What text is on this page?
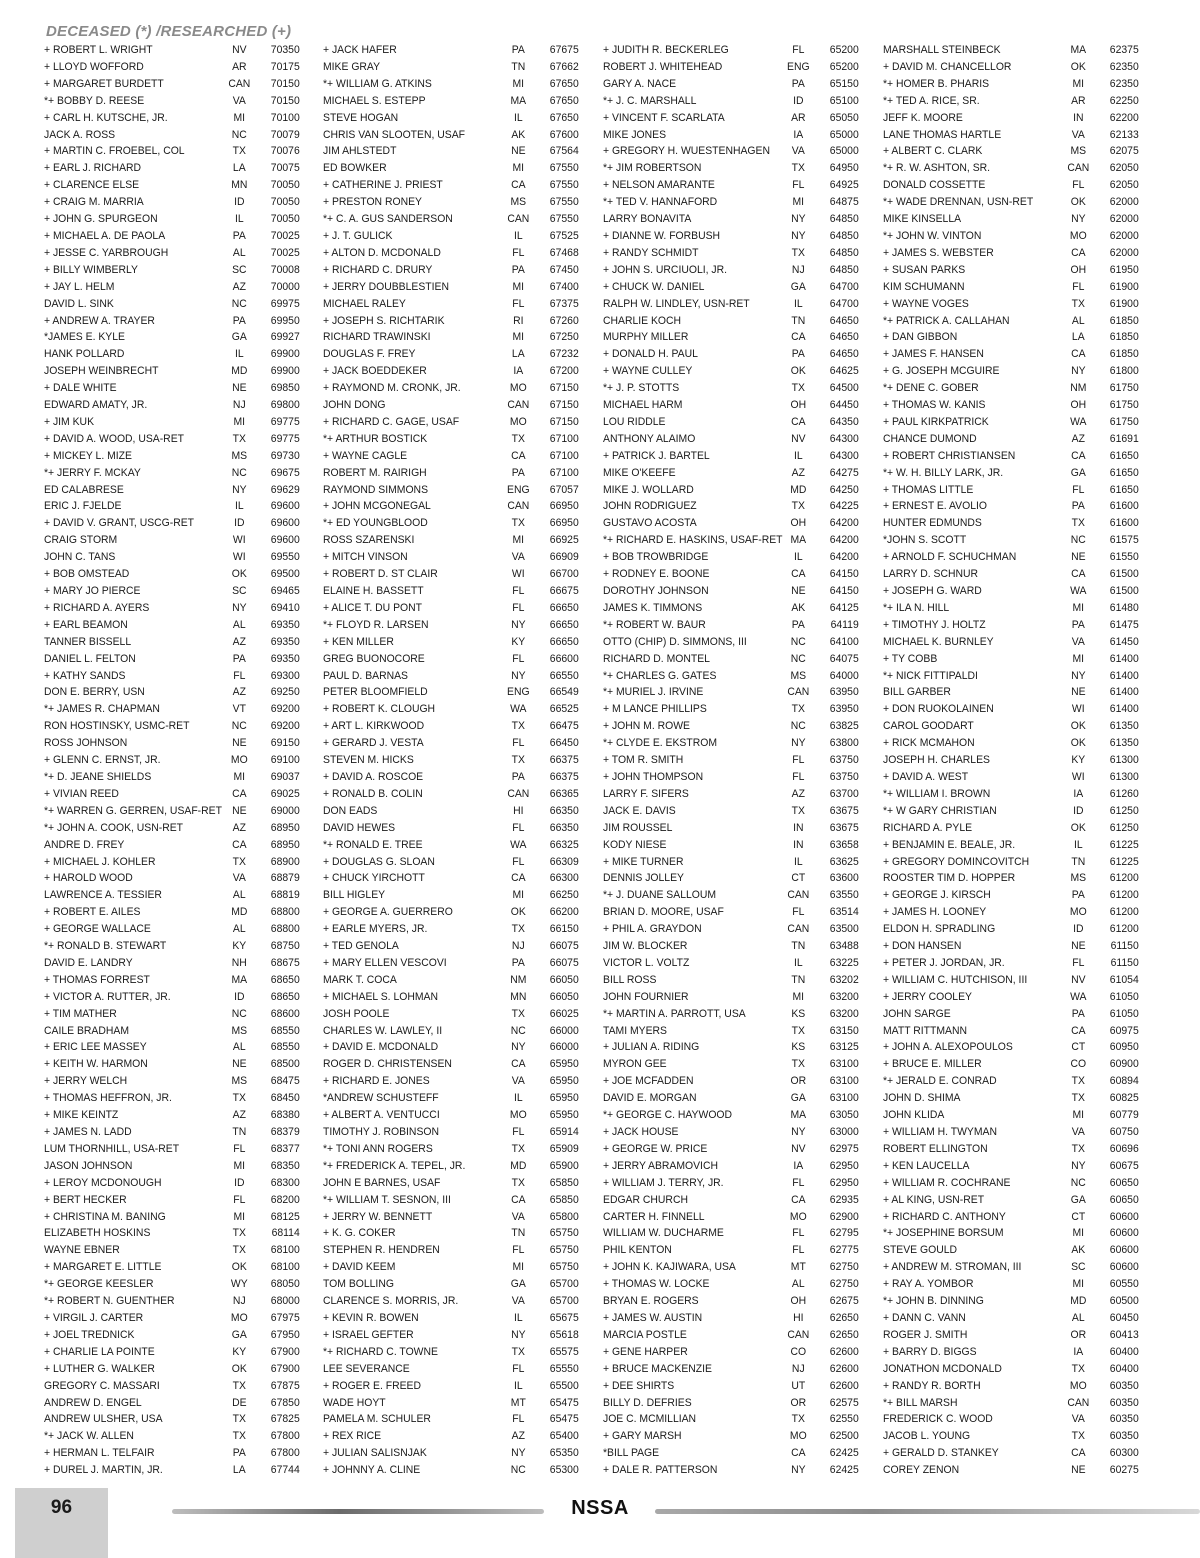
DECEASED (*) /RESEARCHED (+)
+ ROBERT L. WRIGHT	NV	70350
+ LLOYD WOFFORD	AR	70175
+ MARGARET BURDETT	CAN	70150
*+ BOBBY D. REESE	VA	70150
+ CARL H. KUTSCHE, JR.	MI	70100
JACK A. ROSS	NC	70079
+ MARTIN C. FROEBEL, COL	TX	70076
+ EARL J. RICHARD	LA	70075
+ CLARENCE ELSE	MN	70050
+ CRAIG M. MARRIA	ID	70050
+ JOHN G. SPURGEON	IL	70050
+ MICHAEL A. DE PAOLA	PA	70025
+ JESSE C. YARBROUGH	AL	70025
+ BILLY WIMBERLY	SC	70008
+ JAY L. HELM	AZ	70000
DAVID L. SINK	NC	69975
+ ANDREW A. TRAYER	PA	69950
*JAMES E. KYLE	GA	69927
HANK POLLARD	IL	69900
JOSEPH WEINBRECHT	MD	69900
+ DALE WHITE	NE	69850
EDWARD AMATY, JR.	NJ	69800
+ JIM KUK	MI	69775
+ DAVID A. WOOD, USA-RET	TX	69775
+ MICKEY L. MIZE	MS	69730
*+ JERRY F. MCKAY	NC	69675
ED CALABRESE	NY	69629
ERIC J. FJELDE	IL	69600
+ DAVID V. GRANT, USCG-RET	ID	69600
CRAIG STORM	WI	69600
JOHN C. TANS	WI	69550
+ BOB OMSTEAD	OK	69500
+ MARY JO PIERCE	SC	69465
+ RICHARD A. AYERS	NY	69410
+ EARL BEAMON	AL	69350
TANNER BISSELL	AZ	69350
DANIEL L. FELTON	PA	69350
+ KATHY SANDS	FL	69300
DON E. BERRY, USN	AZ	69250
*+ JAMES R. CHAPMAN	VT	69200
RON HOSTINSKY, USMC-RET	NC	69200
ROSS JOHNSON	NE	69150
+ GLENN C. ERNST, JR.	MO	69100
*+ D. JEANE SHIELDS	MI	69037
+ VIVIAN REED	CA	69025
*+ WARREN G. GERREN, USAF-RET NE	69000
*+ JOHN A. COOK, USN-RET	AZ	68950
ANDRE D. FREY	CA	68950
+ MICHAEL J. KOHLER	TX	68900
+ HAROLD WOOD	VA	68879
LAWRENCE A. TESSIER	AL	68819
+ ROBERT E. AILES	MD	68800
+ GEORGE WALLACE	AL	68800
*+ RONALD B. STEWART	KY	68750
DAVID E. LANDRY	NH	68675
+ THOMAS FORREST	MA	68650
+ VICTOR A. RUTTER, JR.	ID	68650
+ TIM MATHER	NC	68600
CAILE BRADHAM	MS	68550
+ ERIC LEE MASSEY	AL	68550
+ KEITH W. HARMON	NE	68500
+ JERRY WELCH	MS	68475
+ THOMAS HEFFRON, JR.	TX	68450
+ MIKE KEINTZ	AZ	68380
+ JAMES N. LADD	TN	68379
LUM THORNHILL, USA-RET	FL	68377
JASON JOHNSON	MI	68350
+ LEROY MCDONOUGH	ID	68300
+ BERT HECKER	FL	68200
+ CHRISTINA M. BANING	MI	68125
ELIZABETH HOSKINS	TX	68114
WAYNE EBNER	TX	68100
+ MARGARET E. LITTLE	OK	68100
*+ GEORGE KEESLER	WY	68050
*+ ROBERT N. GUENTHER	NJ	68000
+ VIRGIL J. CARTER	MO	67975
+ JOEL TREDNICK	GA	67950
+ CHARLIE LA POINTE	KY	67900
+ LUTHER G. WALKER	OK	67900
GREGORY C. MASSARI	TX	67875
ANDREW D. ENGEL	DE	67850
ANDREW ULSHER, USA	TX	67825
*+ JACK W. ALLEN	TX	67800
+ HERMAN L. TELFAIR	PA	67800
+ DUREL J. MARTIN, JR.	LA	67744
+ JACK HAFER	PA	67675
MIKE GRAY	TN	67662
*+ WILLIAM G. ATKINS	MI	67650
MICHAEL S. ESTEPP	MA	67650
STEVE HOGAN	IL	67650
CHRIS VAN SLOOTEN, USAF	AK	67600
JIM AHLSTEDT	NE	67564
ED BOWKER	MI	67550
+ CATHERINE J. PRIEST	CA	67550
+ PRESTON RONEY	MS	67550
*+ C. A. GUS SANDERSON	CAN	67550
+ J. T. GULICK	IL	67525
+ ALTON D. MCDONALD	FL	67468
+ RICHARD C. DRURY	PA	67450
+ JERRY DOUBBLESTIEN	MI	67400
MICHAEL RALEY	FL	67375
+ JOSEPH S. RICHTARIK	RI	67260
RICHARD TRAWINSKI	MI	67250
DOUGLAS F. FREY	LA	67232
+ JACK BOEDDEKER	IA	67200
+ RAYMOND M. CRONK, JR.	MO	67150
JOHN DONG	CAN	67150
+ RICHARD C. GAGE, USAF	MO	67150
*+ ARTHUR BOSTICK	TX	67100
+ WAYNE CAGLE	CA	67100
ROBERT M. RAIRIGH	PA	67100
RAYMOND SIMMONS	ENG	67057
+ JOHN MCGONEGAL	CAN	66950
*+ ED YOUNGBLOOD	TX	66950
ROSS SZARENSKI	MI	66925
+ MITCH VINSON	VA	66909
+ ROBERT D. ST CLAIR	WI	66700
ELAINE H. BASSETT	FL	66675
+ ALICE T. DU PONT	FL	66650
*+ FLOYD R. LARSEN	NY	66650
+ KEN MILLER	KY	66650
GREG BUONOCORE	FL	66600
PAUL D. BARNAS	NY	66550
PETER BLOOMFIELD	ENG	66549
+ ROBERT K. CLOUGH	WA	66525
+ ART L. KIRKWOOD	TX	66475
+ GERARD J. VESTA	FL	66450
STEVEN M. HICKS	TX	66375
+ DAVID A. ROSCOE	PA	66375
+ RONALD B. COLIN	CAN	66365
DON EADS	HI	66350
DAVID HEWES	FL	66350
*+ RONALD E. TREE	WA	66325
+ DOUGLAS G. SLOAN	FL	66309
+ CHUCK YIRCHOTT	CA	66300
BILL HIGLEY	MI	66250
+ GEORGE A. GUERRERO	OK	66200
+ EARLE MYERS, JR.	TX	66150
+ TED GENOLA	NJ	66075
+ MARY ELLEN VESCOVI	PA	66075
MARK T. COCA	NM	66050
+ MICHAEL S. LOHMAN	MN	66050
JOSH POOLE	TX	66025
CHARLES W. LAWLEY, II	NC	66000
+ DAVID E. MCDONALD	NY	66000
ROGER D. CHRISTENSEN	CA	65950
+ RICHARD E. JONES	VA	65950
*ANDREW SCHUSTEFF	IL	65950
+ ALBERT A. VENTUCCI	MO	65950
TIMOTHY J. ROBINSON	FL	65914
*+ TONI ANN ROGERS	TX	65909
*+ FREDERICK A. TEPEL, JR.	MD	65900
JOHN E BARNES, USAF	TX	65850
*+ WILLIAM T. SESNON, III	CA	65850
+ JERRY W. BENNETT	VA	65800
+ K. G. COKER	TN	65750
STEPHEN R. HENDREN	FL	65750
+ DAVID KEEM	MI	65750
TOM BOLLING	GA	65700
CLARENCE S. MORRIS, JR.	VA	65700
+ KEVIN R. BOWEN	IL	65675
+ ISRAEL GEFTER	NY	65618
*+ RICHARD C. TOWNE	TX	65575
LEE SEVERANCE	FL	65550
+ ROGER E. FREED	IL	65500
WADE HOYT	MT	65475
PAMELA M. SCHULER	FL	65475
+ REX RICE	AZ	65400
+ JULIAN SALISNJAK	NY	65350
+ JOHNNY A. CLINE	NC	65300
+ JUDITH R. BECKERLEG	FL	65200
ROBERT J. WHITEHEAD	ENG	65200
GARY A. NACE	PA	65150
*+ J. C. MARSHALL	ID	65100
+ VINCENT F. SCARLATA	AR	65050
MIKE JONES	IA	65000
+ GREGORY H. WUESTENHAGEN	VA	65000
*+ JIM ROBERTSON	TX	64950
+ NELSON AMARANTE	FL	64925
*+ TED V. HANNAFORD	MI	64875
LARRY BONAVITA	NY	64850
+ DIANNE W. FORBUSH	NY	64850
+ RANDY SCHMIDT	TX	64850
+ JOHN S. URCIUOLI, JR.	NJ	64850
+ CHUCK W. DANIEL	GA	64700
RALPH W. LINDLEY, USN-RET	IL	64700
CHARLIE KOCH	TN	64650
MURPHY MILLER	CA	64650
+ DONALD H. PAUL	PA	64650
+ WAYNE CULLEY	OK	64625
*+ J. P. STOTTS	TX	64500
MICHAEL HARM	OH	64450
LOU RIDDLE	CA	64350
ANTHONY ALAIMO	NV	64300
+ PATRICK J. BARTEL	IL	64300
MIKE O'KEEFE	AZ	64275
MIKE J. WOLLARD	MD	64250
JOHN RODRIGUEZ	TX	64225
GUSTAVO ACOSTA	OH	64200
*+ RICHARD E. HASKINS, USAF-RET MA	64200
+ BOB TROWBRIDGE	IL	64200
+ RODNEY E. BOONE	CA	64150
DOROTHY JOHNSON	NE	64150
JAMES K. TIMMONS	AK	64125
*+ ROBERT W. BAUR	PA	64119
OTTO (CHIP) D. SIMMONS, III	NC	64100
RICHARD D. MONTEL	NC	64075
*+ CHARLES G. GATES	MS	64000
*+ MURIEL J. IRVINE	CAN	63950
+ M LANCE PHILLIPS	TX	63950
+ JOHN M. ROWE	NC	63825
*+ CLYDE E. EKSTROM	NY	63800
+ TOM R. SMITH	FL	63750
+ JOHN THOMPSON	FL	63750
LARRY F. SIFERS	AZ	63700
JACK E. DAVIS	TX	63675
JIM ROUSSEL	IN	63675
KODY NIESE	IN	63658
+ MIKE TURNER	IL	63625
DENNIS JOLLEY	CT	63600
*+ J. DUANE SALLOUM	CAN	63550
BRIAN D. MOORE, USAF	FL	63514
+ PHIL A. GRAYDON	CAN	63500
JIM W. BLOCKER	TN	63488
VICTOR L. VOLTZ	IL	63225
BILL ROSS	TN	63202
JOHN FOURNIER	MI	63200
*+ MARTIN A. PARROTT, USA	KS	63200
TAMI MYERS	TX	63150
+ JULIAN A. RIDING	KS	63125
MYRON GEE	TX	63100
+ JOE MCFADDEN	OR	63100
DAVID E. MORGAN	GA	63100
*+ GEORGE C. HAYWOOD	MA	63050
+ JACK HOUSE	NY	63000
+ GEORGE W. PRICE	NV	62975
+ JERRY ABRAMOVICH	IA	62950
+ WILLIAM J. TERRY, JR.	FL	62950
EDGAR CHURCH	CA	62935
CARTER H. FINNELL	MO	62900
WILLIAM W. DUCHARME	FL	62795
PHIL KENTON	FL	62775
+ JOHN K. KAJIWARA, USA	MT	62750
+ THOMAS W. LOCKE	AL	62750
BRYAN E. ROGERS	OH	62675
+ JAMES W. AUSTIN	HI	62650
MARCIA POSTLE	CAN	62650
+ GENE HARPER	CO	62600
+ BRUCE MACKENZIE	NJ	62600
+ DEE SHIRTS	UT	62600
BILLY D. DEFRIES	OR	62575
JOE C. MCMILLIAN	TX	62550
+ GARY MARSH	MO	62500
*BILL PAGE	CA	62425
+ DALE R. PATTERSON	NY	62425
MARSHALL STEINBECK	MA	62375
+ DAVID M. CHANCELLOR	OK	62350
*+ HOMER B. PHARIS	MI	62350
*+ TED A. RICE, SR.	AR	62250
JEFF K. MOORE	IN	62200
LANE THOMAS HARTLE	VA	62133
+ ALBERT C. CLARK	MS	62075
*+ R. W. ASHTON, SR.	CAN	62050
DONALD COSSETTE	FL	62050
*+ WADE DRENNAN, USN-RET	OK	62000
MIKE KINSELLA	NY	62000
*+ JOHN W. VINTON	MO	62000
+ JAMES S. WEBSTER	CA	62000
+ SUSAN PARKS	OH	61950
KIM SCHUMANN	FL	61900
+ WAYNE VOGES	TX	61900
*+ PATRICK A. CALLAHAN	AL	61850
+ DAN GIBBON	LA	61850
+ JAMES F. HANSEN	CA	61850
+ G. JOSEPH MCGUIRE	NY	61800
*+ DENE C. GOBER	NM	61750
+ THOMAS W. KANIS	OH	61750
+ PAUL KIRKPATRICK	WA	61750
CHANCE DUMOND	AZ	61691
+ ROBERT CHRISTIANSEN	CA	61650
*+ W. H. BILLY LARK, JR.	GA	61650
+ THOMAS LITTLE	FL	61650
+ ERNEST E. AVOLIO	PA	61600
HUNTER EDMUNDS	TX	61600
*JOHN S. SCOTT	NC	61575
+ ARNOLD F. SCHUCHMAN	NE	61550
LARRY D. SCHNUR	CA	61500
+ JOSEPH G. WARD	WA	61500
*+ ILA N. HILL	MI	61480
+ TIMOTHY J. HOLTZ	PA	61475
MICHAEL K. BURNLEY	VA	61450
+ TY COBB	MI	61400
*+ NICK FITTIPALDI	NY	61400
BILL GARBER	NE	61400
+ DON RUOKOLAINEN	WI	61400
CAROL GOODART	OK	61350
+ RICK MCMAHON	OK	61350
JOSEPH H. CHARLES	KY	61300
+ DAVID A. WEST	WI	61300
*+ WILLIAM I. BROWN	IA	61260
*+ W GARY CHRISTIAN	ID	61250
RICHARD A. PYLE	OK	61250
+ BENJAMIN E. BEALE, JR.	IL	61225
+ GREGORY DOMINCOVITCH	TN	61225
ROOSTER TIM D. HOPPER	MS	61200
+ GEORGE J. KIRSCH	PA	61200
+ JAMES H. LOONEY	MO	61200
ELDON H. SPRADLING	ID	61200
+ DON HANSEN	NE	61150
+ PETER J. JORDAN, JR.	FL	61150
+ WILLIAM C. HUTCHISON, III	NV	61054
+ JERRY COOLEY	WA	61050
JOHN SARGE	PA	61050
MATT RITTMANN	CA	60975
+ JOHN A. ALEXOPOULOS	CT	60950
+ BRUCE E. MILLER	CO	60900
*+ JERALD E. CONRAD	TX	60894
JOHN D. SHIMA	TX	60825
JOHN KLIDA	MI	60779
+ WILLIAM H. TWYMAN	VA	60750
ROBERT ELLINGTON	TX	60696
+ KEN LAUCELLA	NY	60675
+ WILLIAM R. COCHRANE	NC	60650
+ AL KING, USN-RET	GA	60650
+ RICHARD C. ANTHONY	CT	60600
*+ JOSEPHINE BORSUM	MI	60600
STEVE GOULD	AK	60600
+ ANDREW M. STROMAN, III	SC	60600
+ RAY A. YOMBOR	MI	60550
*+ JOHN B. DINNING	MD	60500
+ DANN C. VANN	AL	60450
ROGER J. SMITH	OR	60413
+ BARRY D. BIGGS	IA	60400
JONATHON MCDONALD	TX	60400
+ RANDY R. BORTH	MO	60350
*+ BILL MARSH	CAN	60350
FREDERICK C. WOOD	VA	60350
JACOB L. YOUNG	TX	60350
+ GERALD D. STANKEY	CA	60300
COREY ZENON	NE	60275
96	NSSA
